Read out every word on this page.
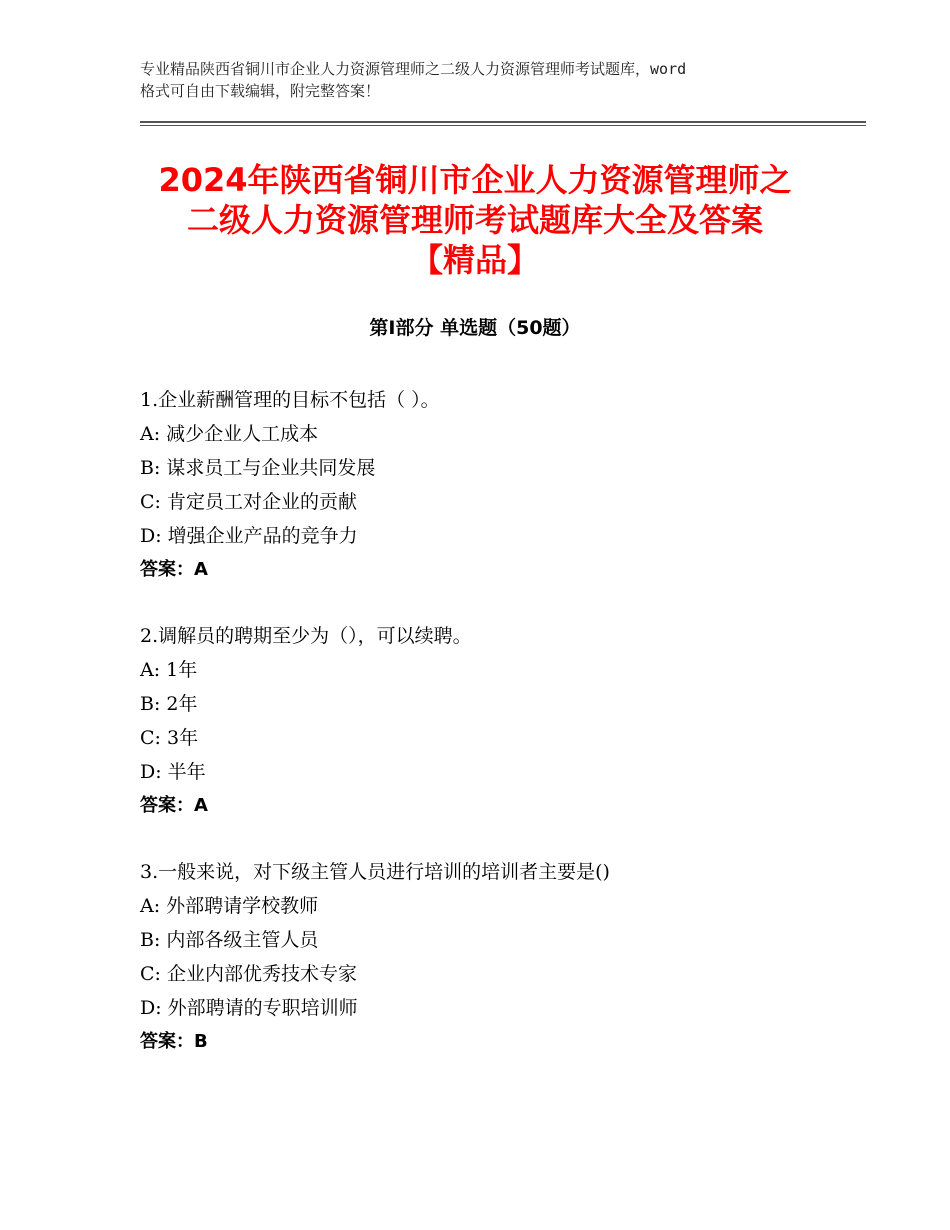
专业精品陕西省铜川市企业人力资源管理师之二级人力资源管理师考试题库，word
格式可自由下载编辑，附完整答案！
2024年陕西省铜川市企业人力资源管理师之
二级人力资源管理师考试题库大全及答案
【精品】
第Ⅰ部分 单选题（50题）
1.企业薪酬管理的目标不包括（ ）。
A: 减少企业人工成本
B: 谋求员工与企业共同发展
C: 肯定员工对企业的贡献
D: 增强企业产品的竞争力
答案：A
2.调解员的聘期至少为（），可以续聘。
A: 1年
B: 2年
C: 3年
D: 半年
答案：A
3.一般来说，对下级主管人员进行培训的培训者主要是()
A: 外部聘请学校教师
B: 内部各级主管人员
C: 企业内部优秀技术专家
D: 外部聘请的专职培训师
答案：B
